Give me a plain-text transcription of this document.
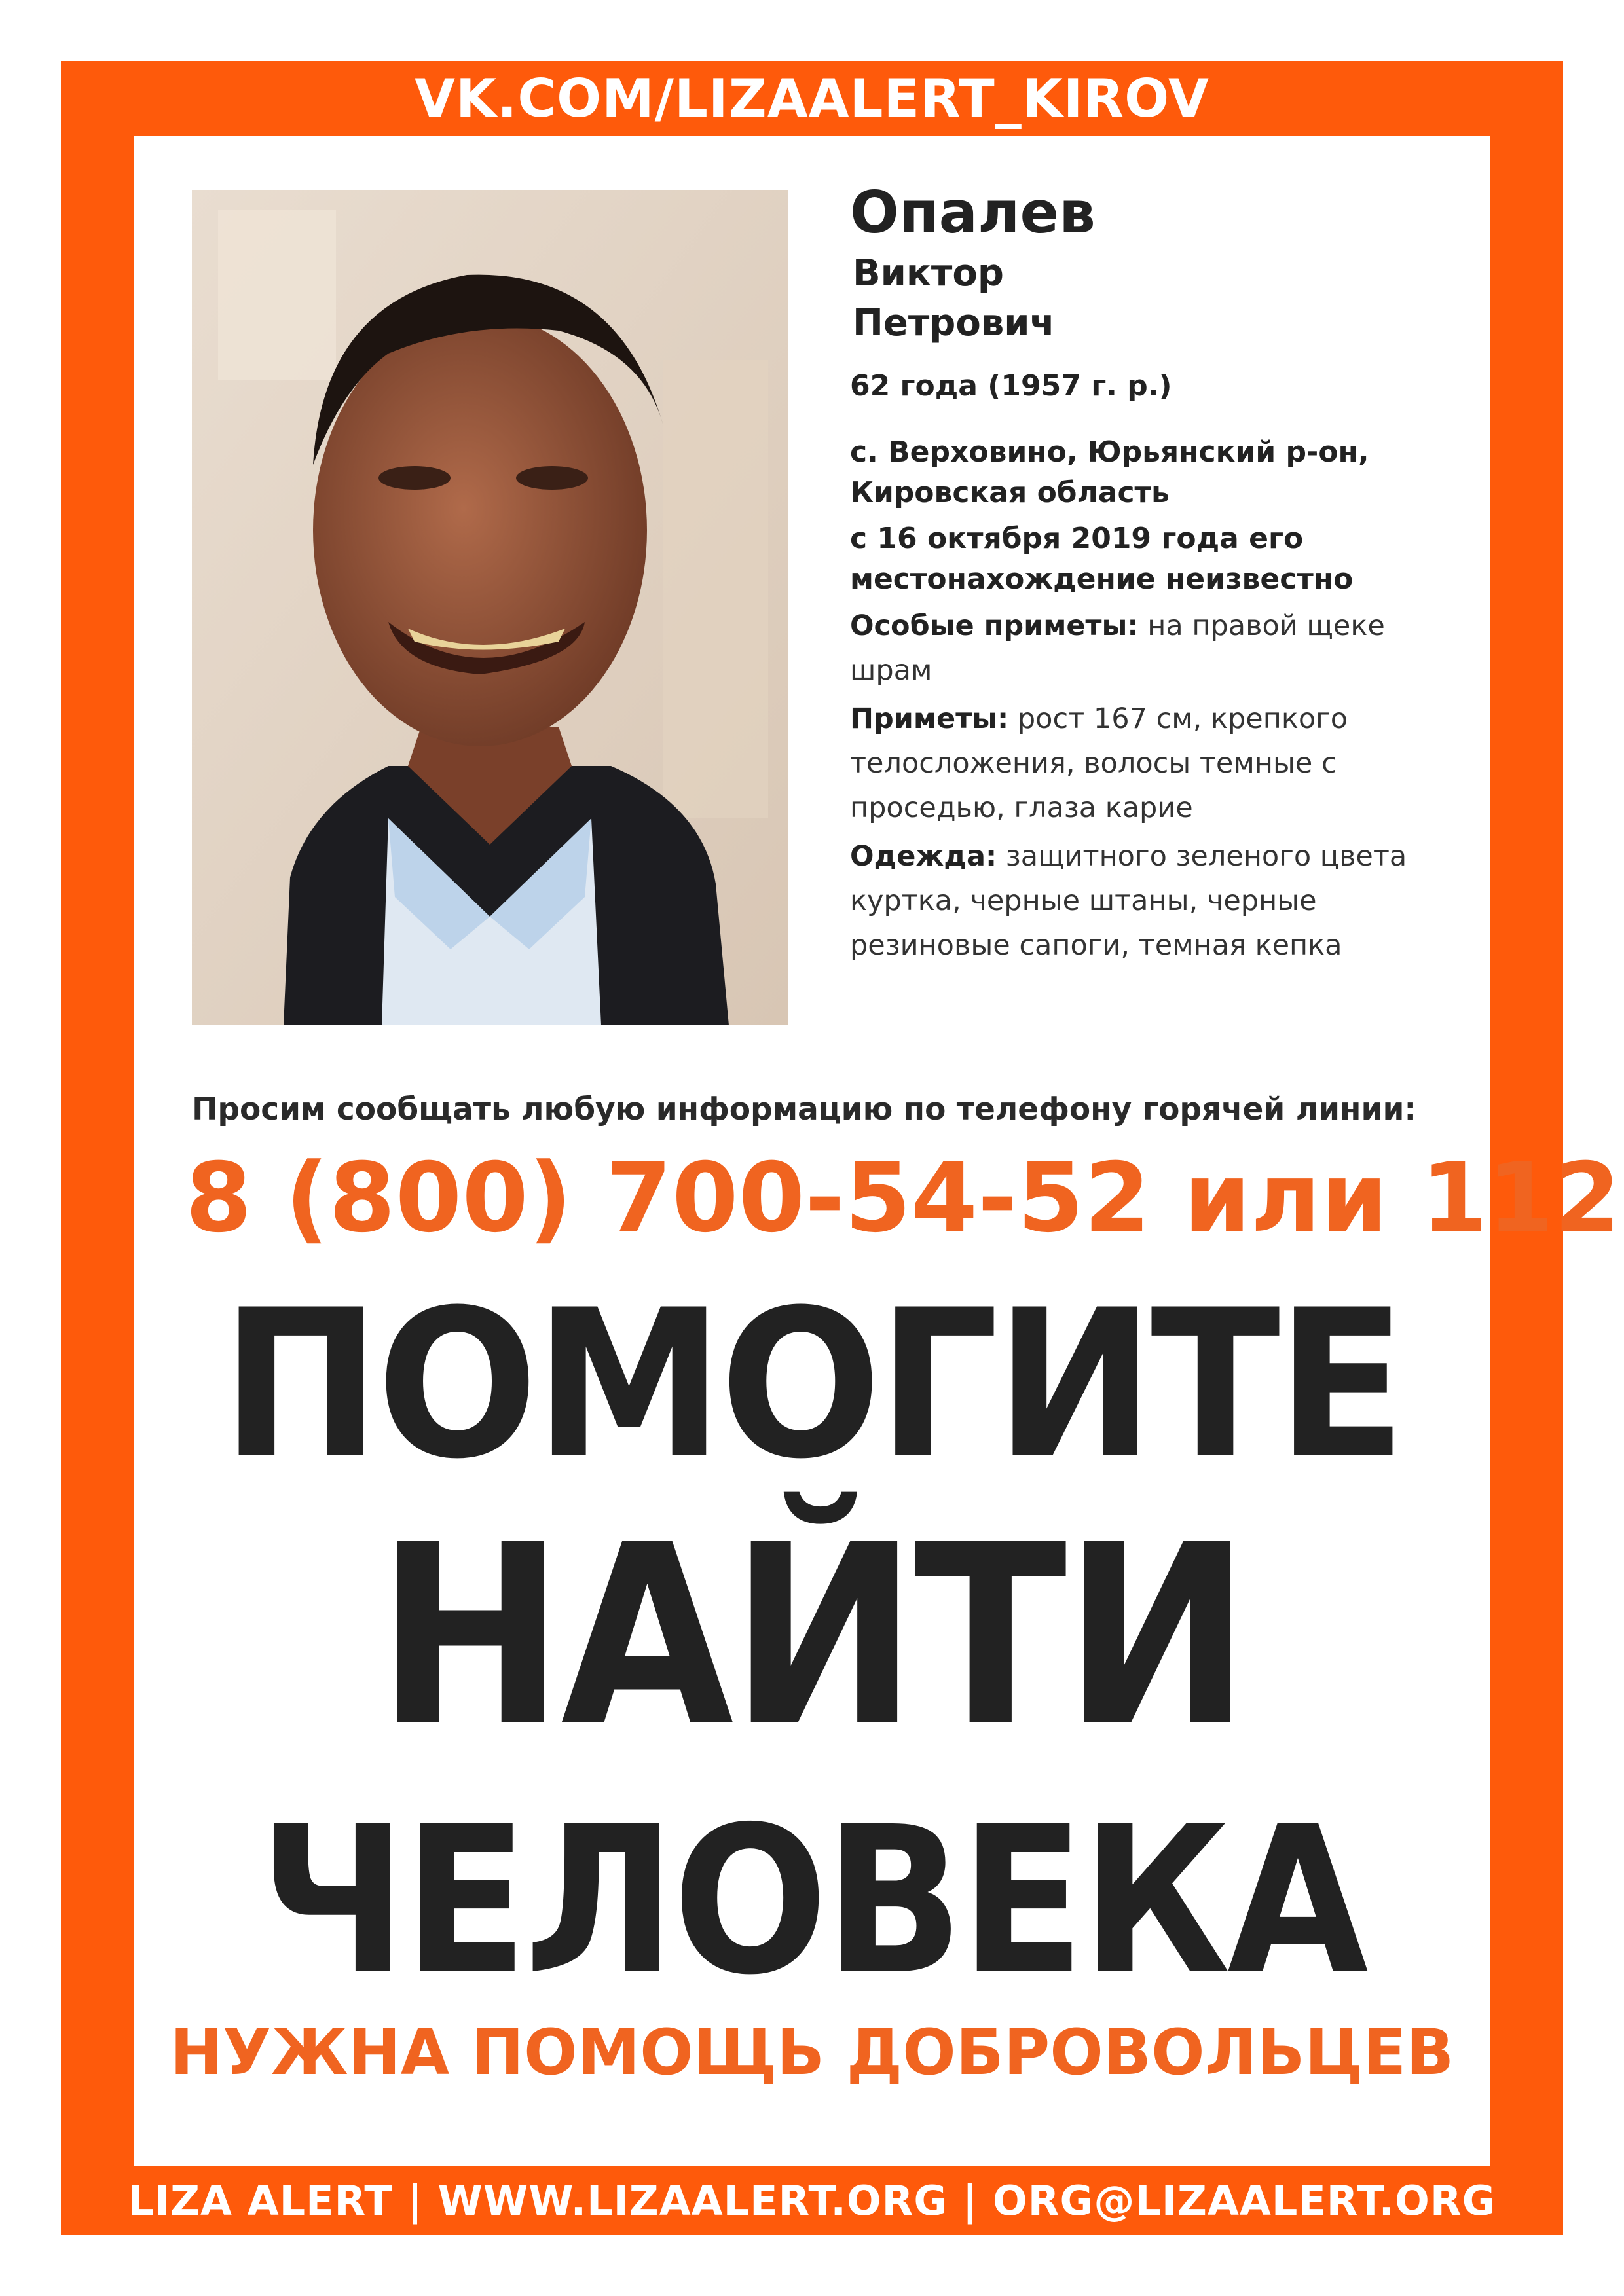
VK.COM/LIZAALERT_KIROV
LIZA ALERT | WWW.LIZAALERT.ORG | ORG@LIZAALERT.ORG
Опалев
Виктор
Петрович
62 года (1957 г. р.)
с. Верховино, Юрьянский р-он,
Кировская область
с 16 октября 2019 года его
местонахождение неизвестно
Особые приметы: на правой щеке шрам
Приметы: рост 167 см, крепкого телосложения, волосы темные с проседью, глаза карие
Одежда: защитного зеленого цвета куртка, черные штаны, черные резиновые сапоги, темная кепка
Просим сообщать любую информацию по телефону горячей линии:
8 (800) 700-54-52 или 112
ПОМОГИТЕ
НАЙТИ
ЧЕЛОВЕКА
НУЖНА ПОМОЩЬ ДОБРОВОЛЬЦЕВ
